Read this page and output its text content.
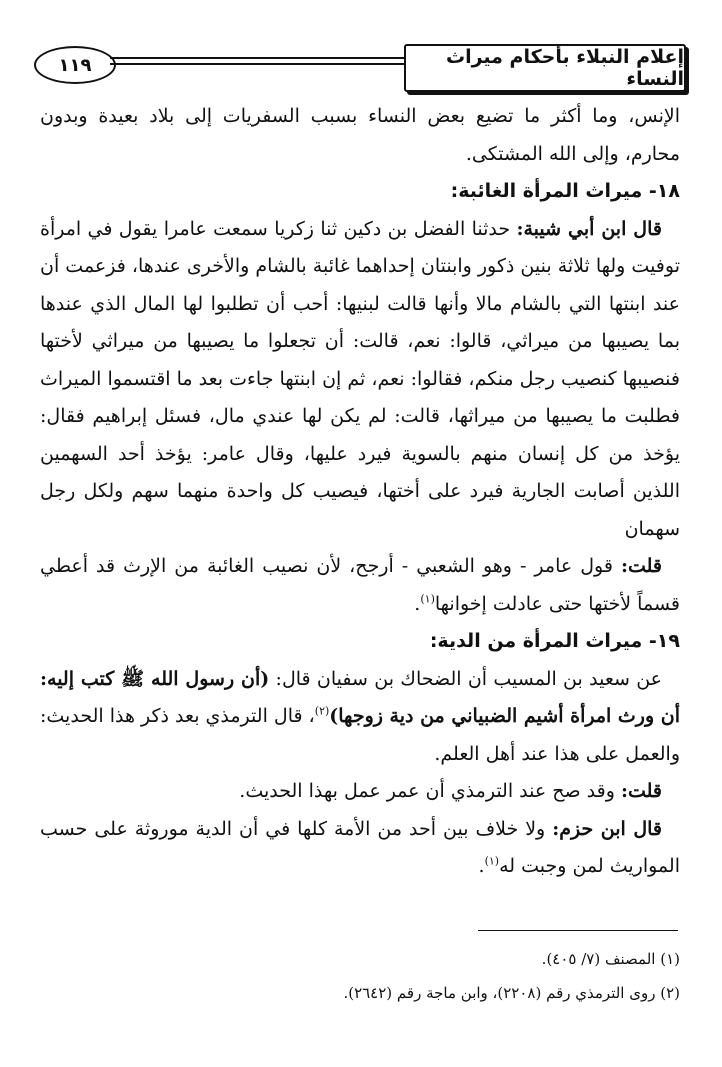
١١٩	إعلام النبلاء بأحكام ميراث النساء

الإنس، وما أكثر ما تضيع بعض النساء بسبب السفريات إلى بلاد بعيدة وبدون محارم، وإلى الله المشتكى.

١٨- ميراث المرأة الغائبة:

قال ابن أبي شيبة: حدثنا الفضل بن دكين ثنا زكريا سمعت عامرا يقول في امرأة توفيت ولها ثلاثة بنين ذكور وابنتان إحداهما غائبة بالشام والأخرى عندها، فزعمت أن عند ابنتها التي بالشام مالا وأنها قالت لبنيها: أحب أن تطلبوا لها المال الذي عندها بما يصيبها من ميراثي، قالوا: نعم، قالت: أن تجعلوا ما يصيبها من ميراثي لأختها فنصيبها كنصيب رجل منكم، فقالوا: نعم، ثم إن ابنتها جاءت بعد ما اقتسموا الميراث فطلبت ما يصيبها من ميراثها، قالت: لم يكن لها عندي مال، فسئل إبراهيم فقال: يؤخذ من كل إنسان منهم بالسوية فيرد عليها، وقال عامر: يؤخذ أحد السهمين اللذين أصابت الجارية فيرد على أختها، فيصيب كل واحدة منهما سهم ولكل رجل سهمان

قلت: قول عامر - وهو الشعبي - أرجح، لأن نصيب الغائبة من الإرث قد أعطي قسماً لأختها حتى عادلت إخوانها$^{(١)}$.

١٩- ميراث المرأة من الدية:

عن سعيد بن المسيب أن الضحاك بن سفيان قال: (أن رسول الله ﷺ كتب إليه: أن ورث امرأة أشيم الضبياني من دية زوجها)$^{(٢)}$، قال الترمذي بعد ذكر هذا الحديث: والعمل على هذا عند أهل العلم.

قلت: وقد صح عند الترمذي أن عمر عمل بهذا الحديث.

قال ابن حزم: ولا خلاف بين أحد من الأمة كلها في أن الدية موروثة على حسب المواريث لمن وجبت له$^{(١)}$.

(١) المصنف (٧/ ٤٠٥).

(٢) روى الترمذي رقم (٢٢٠٨)، وابن ماجة رقم (٢٦٤٢).
